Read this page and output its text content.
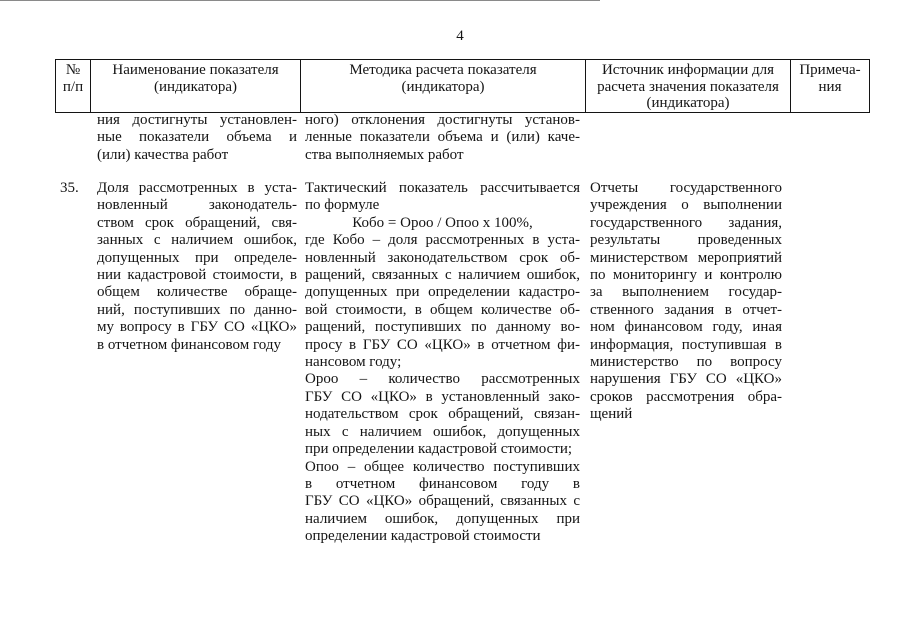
4
№
п/п
Наименование показателя
(индикатора)
Методика расчета показателя
(индикатора)
Источник информации для
расчета значения показателя
(индикатора)
Примеча-
ния
ния достигнуты установлен-
ные показатели объема и
(или) качества работ
ного) отклонения достигнуты установ-
ленные показатели объема и (или) каче-
ства выполняемых работ
35.	Доля рассмотренных в уста-
новленный законодатель-
ством срок обращений, свя-
занных с наличием ошибок,
допущенных при определе-
нии кадастровой стоимости, в
общем количестве обраще-
ний, поступивших по данно-
му вопросу в ГБУ СО «ЦКО»
в отчетном финансовом году
Тактический показатель рассчитывается
по формуле
Кобо = Ороо / Опоо х 100%,
где Кобо – доля рассмотренных в уста-
новленный законодательством срок об-
ращений, связанных с наличием ошибок,
допущенных при определении кадастро-
вой стоимости, в общем количестве об-
ращений, поступивших по данному во-
просу в ГБУ СО «ЦКО» в отчетном фи-
нансовом году;
Ороо – количество рассмотренных
ГБУ СО «ЦКО» в установленный зако-
нодательством срок обращений, связан-
ных с наличием ошибок, допущенных
при определении кадастровой стоимости;
Опоо – общее количество поступивших
в отчетном финансовом году в
ГБУ СО «ЦКО» обращений, связанных с
наличием ошибок, допущенных при
определении кадастровой стоимости
Отчеты государственного
учреждения о выполнении
государственного задания,
результаты проведенных
министерством мероприятий
по мониторингу и контролю
за выполнением государ-
ственного задания в отчет-
ном финансовом году, иная
информация, поступившая в
министерство по вопросу
нарушения ГБУ СО «ЦКО»
сроков рассмотрения обра-
щений
